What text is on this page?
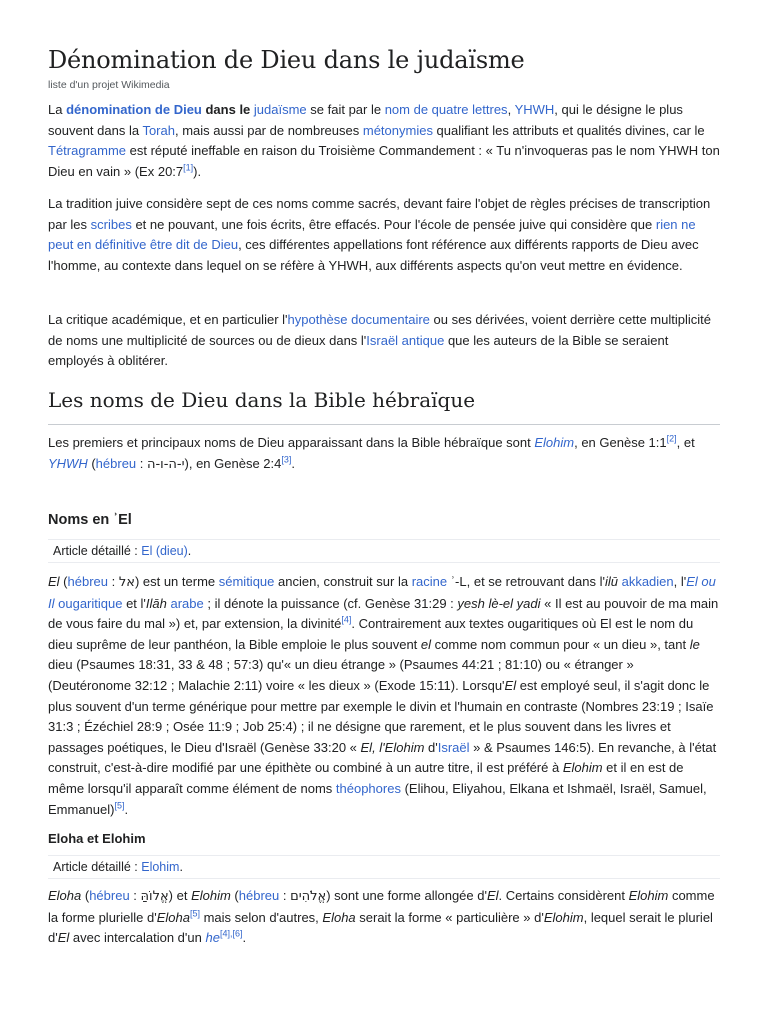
Dénomination de Dieu dans le judaïsme
liste d'un projet Wikimedia

La dénomination de Dieu dans le judaïsme se fait par le nom de quatre lettres, YHWH, qui le désigne le plus souvent dans la Torah, mais aussi par de nombreuses métonymies qualifiant les attributs et qualités divines, car le Tétragramme est réputé ineffable en raison du Troisième Commandement : « Tu n'invoqueras pas le nom YHWH ton Dieu en vain » (Ex 20:7[1]).

La tradition juive considère sept de ces noms comme sacrés, devant faire l'objet de règles précises de transcription par les scribes et ne pouvant, une fois écrits, être effacés. Pour l'école de pensée juive qui considère que rien ne peut en définitive être dit de Dieu, ces différentes appellations font référence aux différents rapports de Dieu avec l'homme, au contexte dans lequel on se réfère à YHWH, aux différents aspects qu'on veut mettre en évidence.

La critique académique, et en particulier l'hypothèse documentaire ou ses dérivées, voient derrière cette multiplicité de noms une multiplicité de sources ou de dieux dans l'Israël antique que les auteurs de la Bible se seraient employés à oblitérer.

Les noms de Dieu dans la Bible hébraïque

Les premiers et principaux noms de Dieu apparaissant dans la Bible hébraïque sont Elohim, en Genèse 1:1[2], et YHWH (hébreu : י-ה-ו-ה), en Genèse 2:4[3].

Noms en ʾEl
Article détaillé : El (dieu).

El (hébreu : אל) est un terme sémitique ancien, construit sur la racine ʾ-L, et se retrouvant dans l'ilū akkadien, l'El ou Il ougaritique et l'Ilāh arabe ; il dénote la puissance (cf. Genèse 31:29 : yesh lè-el yadi « Il est au pouvoir de ma main de vous faire du mal ») et, par extension, la divinité[4]. Contrairement aux textes ougaritiques où El est le nom du dieu suprême de leur panthéon, la Bible emploie le plus souvent el comme nom commun pour « un dieu », tant le dieu (Psaumes 18:31, 33 & 48 ; 57:3) qu'« un dieu étrange » (Psaumes 44:21 ; 81:10) ou « étranger » (Deutéronome 32:12 ; Malachie 2:11) voire « les dieux » (Exode 15:11). Lorsqu'El est employé seul, il s'agit donc le plus souvent d'un terme générique pour mettre par exemple le divin et l'humain en contraste (Nombres 23:19 ; Isaïe 31:3 ; Ézéchiel 28:9 ; Osée 11:9 ; Job 25:4) ; il ne désigne que rarement, et le plus souvent dans les livres et passages poétiques, le Dieu d'Israël (Genèse 33:20 « El, l'Elohim d'Israël » & Psaumes 146:5). En revanche, à l'état construit, c'est-à-dire modifié par une épithète ou combiné à un autre titre, il est préféré à Elohim et il en est de même lorsqu'il apparaît comme élément de noms théophores (Elihou, Eliyahou, Elkana et Ishmaël, Israël, Samuel, Emmanuel)[5].

Eloha et Elohim
Article détaillé : Elohim.

Eloha (hébreu : אֱלוֹהַּ) et Elohim (hébreu : אֱלֹהִים) sont une forme allongée d'El. Certains considèrent Elohim comme la forme plurielle d'Eloha[5] mais selon d'autres, Eloha serait la forme « particulière » d'Elohim, lequel serait le pluriel d'El avec intercalation d'un he[4],[6].
